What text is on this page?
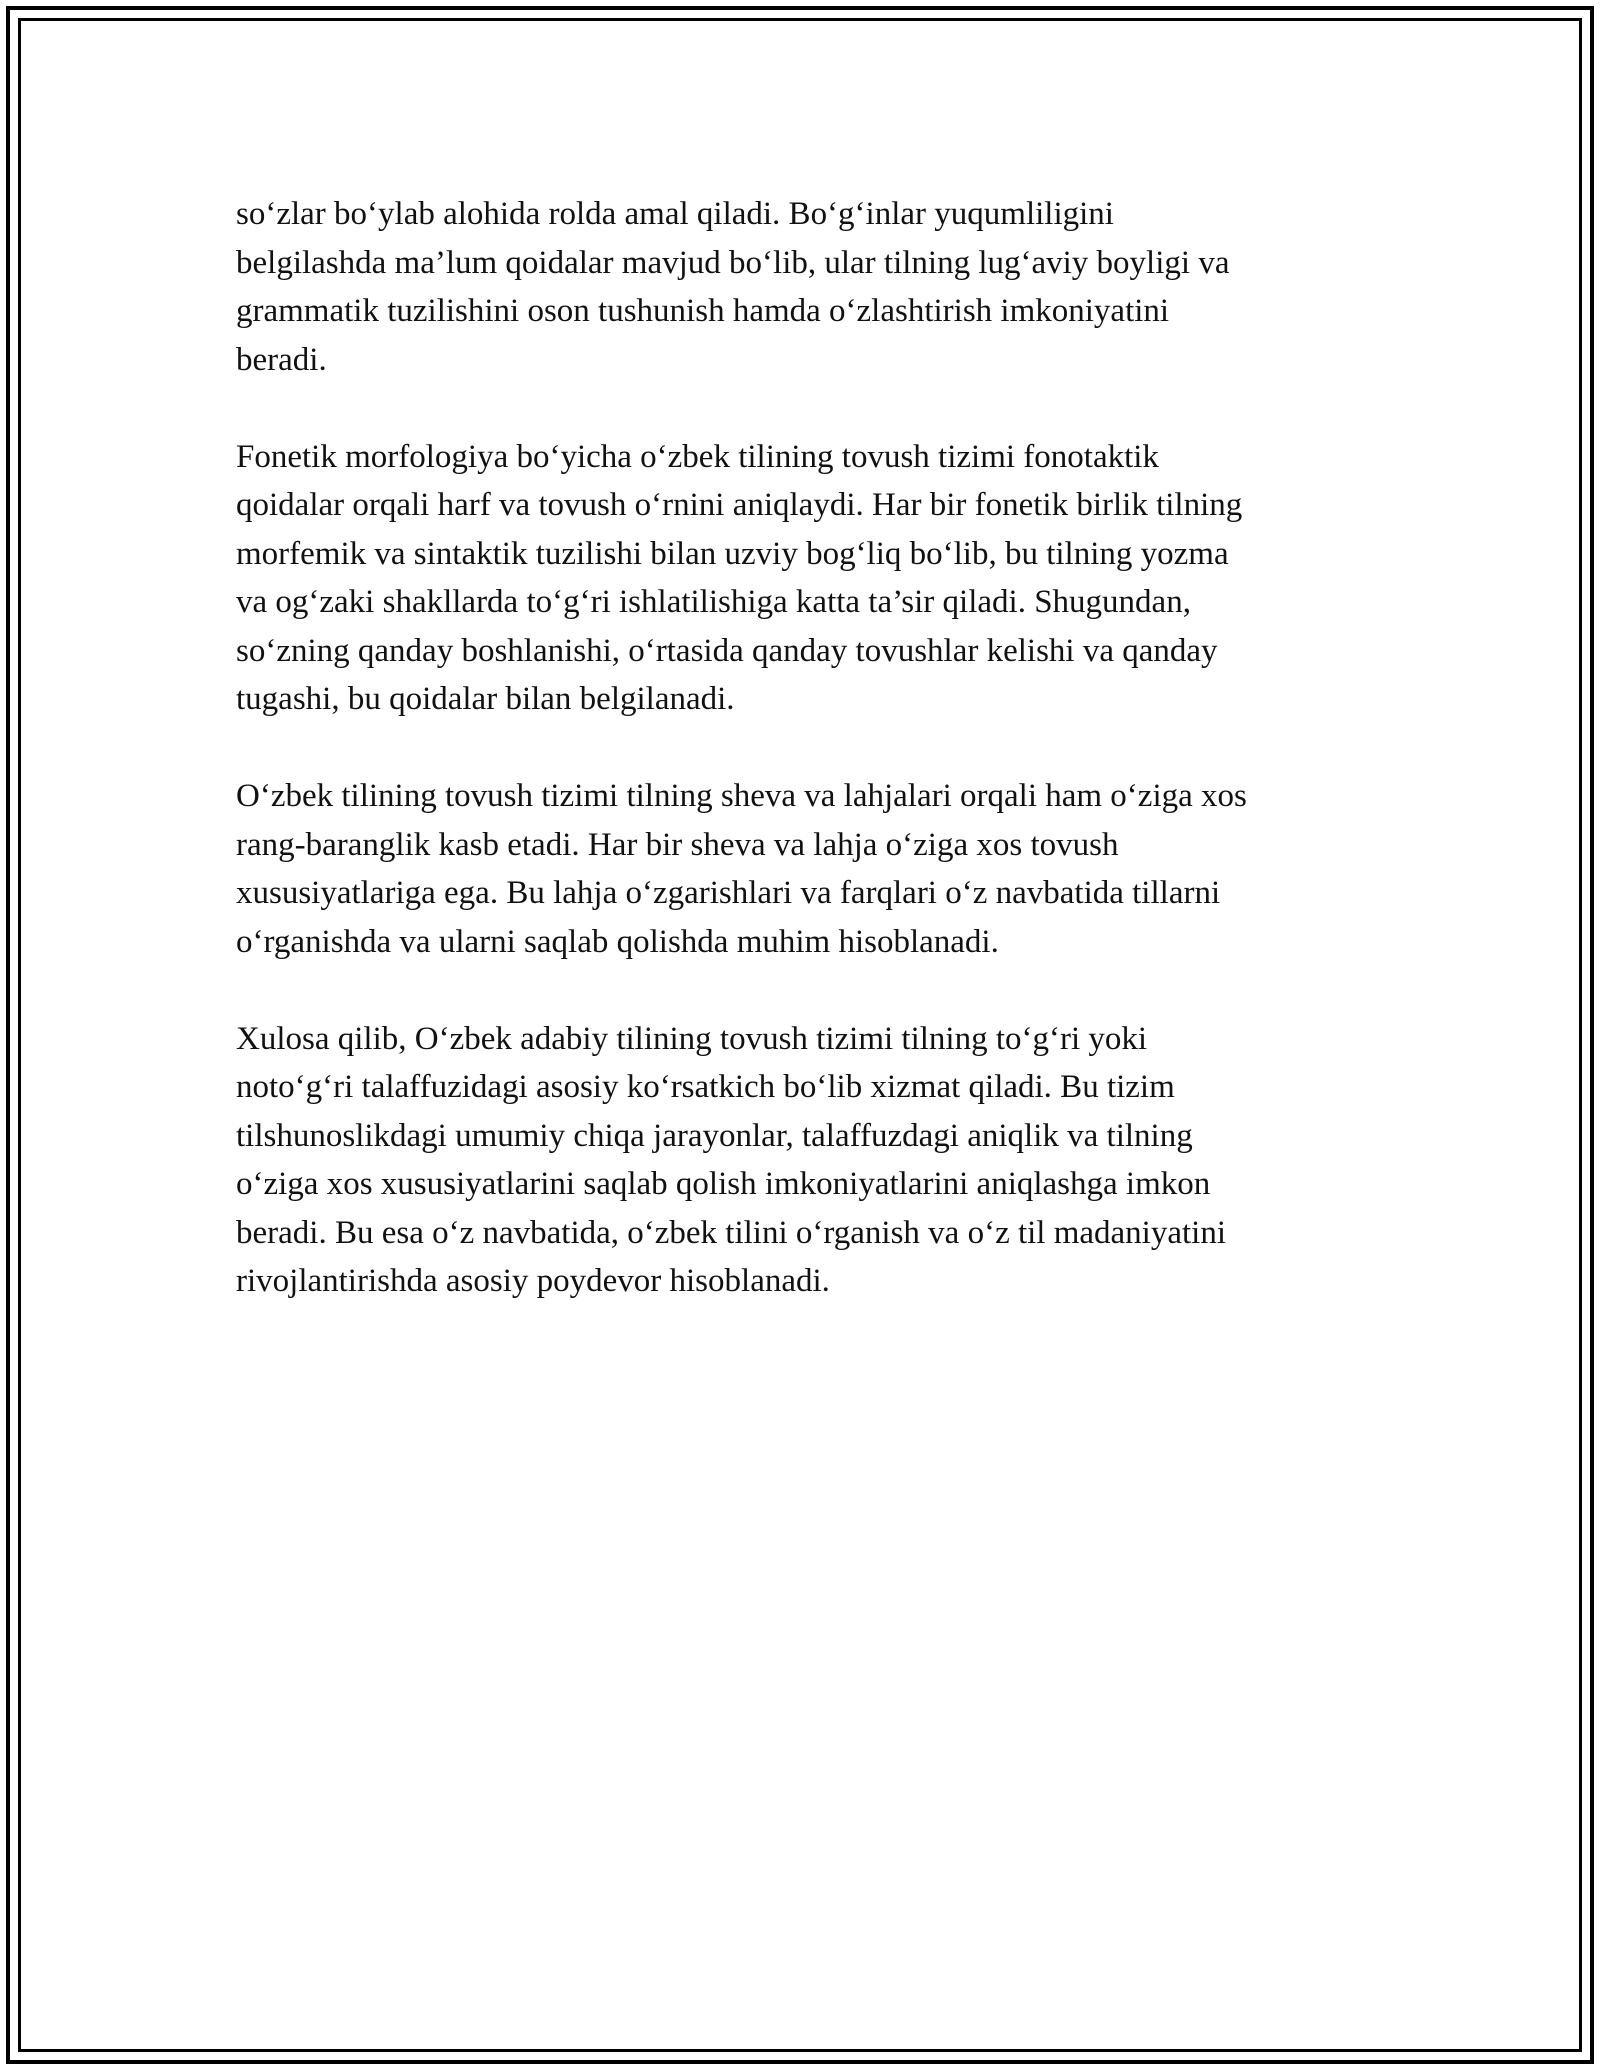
so‘zlar bo‘ylab alohida rolda amal qiladi. Bo‘g‘inlar yuqumliligini
belgilashda ma’lum qoidalar mavjud bo‘lib, ular tilning lug‘aviy boyligi va
grammatik tuzilishini oson tushunish hamda o‘zlashtirish imkoniyatini
beradi.
Fonetik morfologiya bo‘yicha o‘zbek tilining tovush tizimi fonotaktik
qoidalar orqali harf va tovush o‘rnini aniqlaydi. Har bir fonetik birlik tilning
morfemik va sintaktik tuzilishi bilan uzviy bog‘liq bo‘lib, bu tilning yozma
va og‘zaki shakllarda to‘g‘ri ishlatilishiga katta ta’sir qiladi. Shugundan,
so‘zning qanday boshlanishi, o‘rtasida qanday tovushlar kelishi va qanday
tugashi, bu qoidalar bilan belgilanadi.
O‘zbek tilining tovush tizimi tilning sheva va lahjalari orqali ham o‘ziga xos
rang-baranglik kasb etadi. Har bir sheva va lahja o‘ziga xos tovush
xususiyatlariga ega. Bu lahja o‘zgarishlari va farqlari o‘z navbatida tillarni
o‘rganishda va ularni saqlab qolishda muhim hisoblanadi.
Xulosa qilib, O‘zbek adabiy tilining tovush tizimi tilning to‘g‘ri yoki
noto‘g‘ri talaffuzidagi asosiy ko‘rsatkich bo‘lib xizmat qiladi. Bu tizim
tilshunoslikdagi umumiy chiqa jarayonlar, talaffuzdagi aniqlik va tilning
o‘ziga xos xususiyatlarini saqlab qolish imkoniyatlarini aniqlashga imkon
beradi. Bu esa o‘z navbatida, o‘zbek tilini o‘rganish va o‘z til madaniyatini
rivojlantirishda asosiy poydevor hisoblanadi.
